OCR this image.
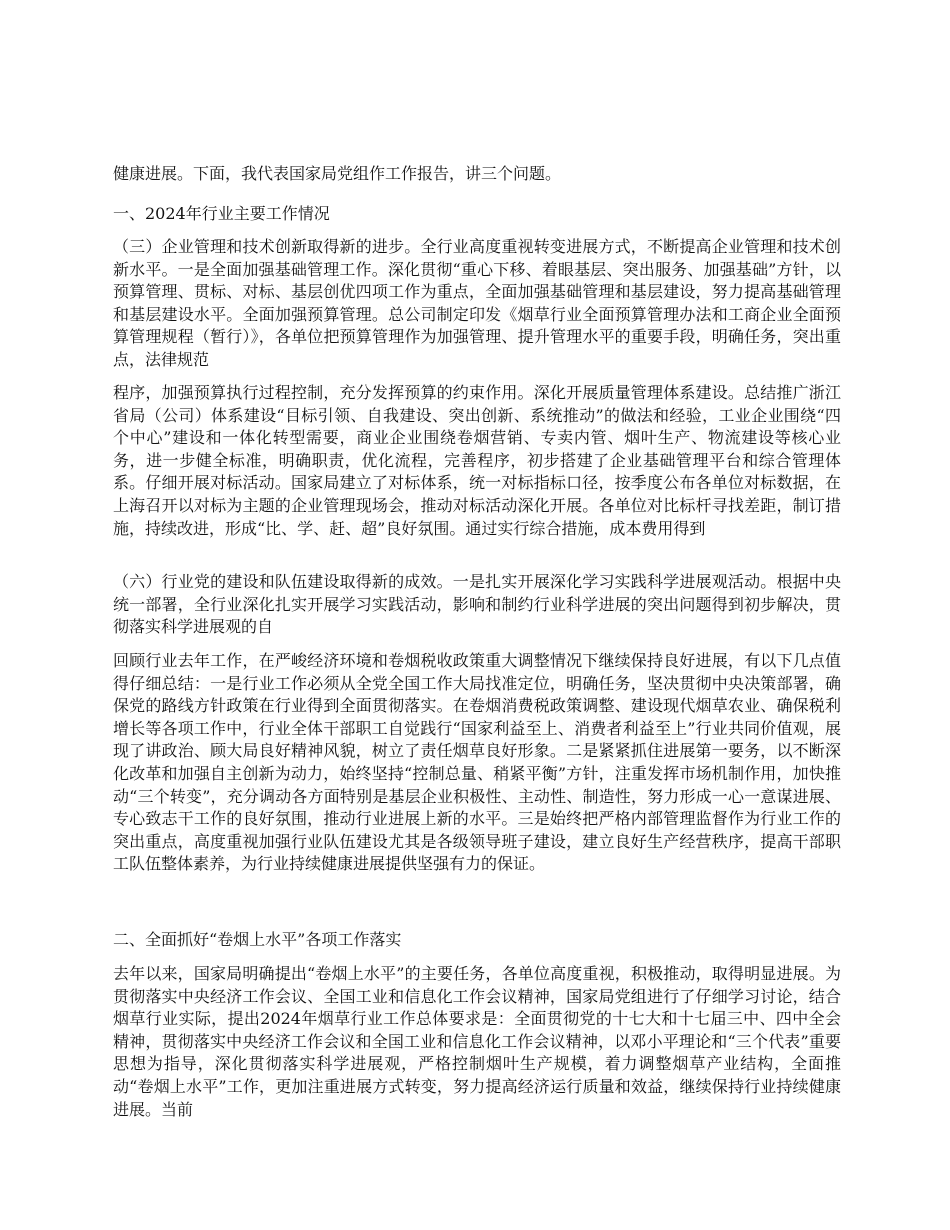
健康进展。下面，我代表国家局党组作工作报告，讲三个问题。

一、2024年行业主要工作情况

（三）企业管理和技术创新取得新的进步。全行业高度重视转变进展方式，不断提高企业管理和技术创新水平。一是全面加强基础管理工作。深化贯彻“重心下移、着眼基层、突出服务、加强基础”方针，以预算管理、贯标、对标、基层创优四项工作为重点，全面加强基础管理和基层建设，努力提高基础管理和基层建设水平。全面加强预算管理。总公司制定印发《烟草行业全面预算管理办法和工商企业全面预算管理规程（暂行）》，各单位把预算管理作为加强管理、提升管理水平的重要手段，明确任务，突出重点，法律规范

程序，加强预算执行过程控制，充分发挥预算的约束作用。深化开展质量管理体系建设。总结推广浙江省局（公司）体系建设“目标引领、自我建设、突出创新、系统推动”的做法和经验，工业企业围绕“四个中心”建设和一体化转型需要，商业企业围绕卷烟营销、专卖内管、烟叶生产、物流建设等核心业务，进一步健全标准，明确职责，优化流程，完善程序，初步搭建了企业基础管理平台和综合管理体系。仔细开展对标活动。国家局建立了对标体系，统一对标指标口径，按季度公布各单位对标数据，在上海召开以对标为主题的企业管理现场会，推动对标活动深化开展。各单位对比标杆寻找差距，制订措施，持续改进，形成“比、学、赶、超”良好氛围。通过实行综合措施，成本费用得到

（六）行业党的建设和队伍建设取得新的成效。一是扎实开展深化学习实践科学进展观活动。根据中央统一部署，全行业深化扎实开展学习实践活动，影响和制约行业科学进展的突出问题得到初步解决，贯彻落实科学进展观的自

回顾行业去年工作，在严峻经济环境和卷烟税收政策重大调整情况下继续保持良好进展，有以下几点值得仔细总结：一是行业工作必须从全党全国工作大局找准定位，明确任务，坚决贯彻中央决策部署，确保党的路线方针政策在行业得到全面贯彻落实。在卷烟消费税政策调整、建设现代烟草农业、确保税利增长等各项工作中，行业全体干部职工自觉践行“国家利益至上、消费者利益至上”行业共同价值观，展现了讲政治、顾大局良好精神风貌，树立了责任烟草良好形象。二是紧紧抓住进展第一要务，以不断深化改革和加强自主创新为动力，始终坚持“控制总量、稍紧平衡”方针，注重发挥市场机制作用，加快推动“三个转变”，充分调动各方面特别是基层企业积极性、主动性、制造性，努力形成一心一意谋进展、专心致志干工作的良好氛围，推动行业进展上新的水平。三是始终把严格内部管理监督作为行业工作的突出重点，高度重视加强行业队伍建设尤其是各级领导班子建设，建立良好生产经营秩序，提高干部职工队伍整体素养，为行业持续健康进展提供坚强有力的保证。

二、全面抓好“卷烟上水平”各项工作落实

去年以来，国家局明确提出“卷烟上水平”的主要任务，各单位高度重视，积极推动，取得明显进展。为贯彻落实中央经济工作会议、全国工业和信息化工作会议精神，国家局党组进行了仔细学习讨论，结合烟草行业实际，提出2024年烟草行业工作总体要求是：全面贯彻党的十七大和十七届三中、四中全会精神，贯彻落实中央经济工作会议和全国工业和信息化工作会议精神，以邓小平理论和“三个代表”重要思想为指导，深化贯彻落实科学进展观，严格控制烟叶生产规模，着力调整烟草产业结构，全面推动“卷烟上水平”工作，更加注重进展方式转变，努力提高经济运行质量和效益，继续保持行业持续健康进展。当前
